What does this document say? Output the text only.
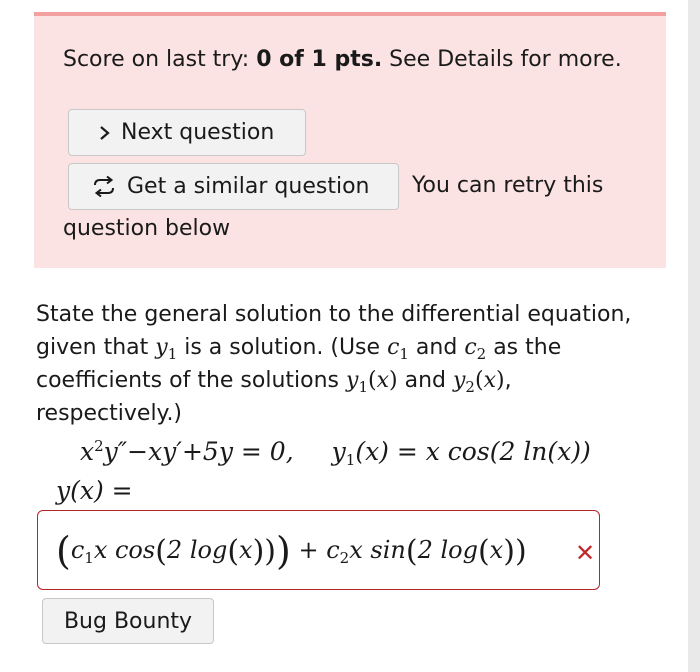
Score on last try: 0 of 1 pts. See Details for more.
Next question
Get a similar question You can retry this
question below
State the general solution to the differential equation,
given that $y_1$ is a solution. (Use $c_1$ and $c_2$ as the
coefficients of the solutions $y_1(x)$ and $y_2(x)$,
respectively.)
$x^2y''-xy'+5y = 0$, $y_1(x) = x$ cos(2 ln(x))
y(x) =
($c_1x$ cos(2 $\log(x))) + c_2x$ sin(2 log(x)) ✕
Bug Bounty
